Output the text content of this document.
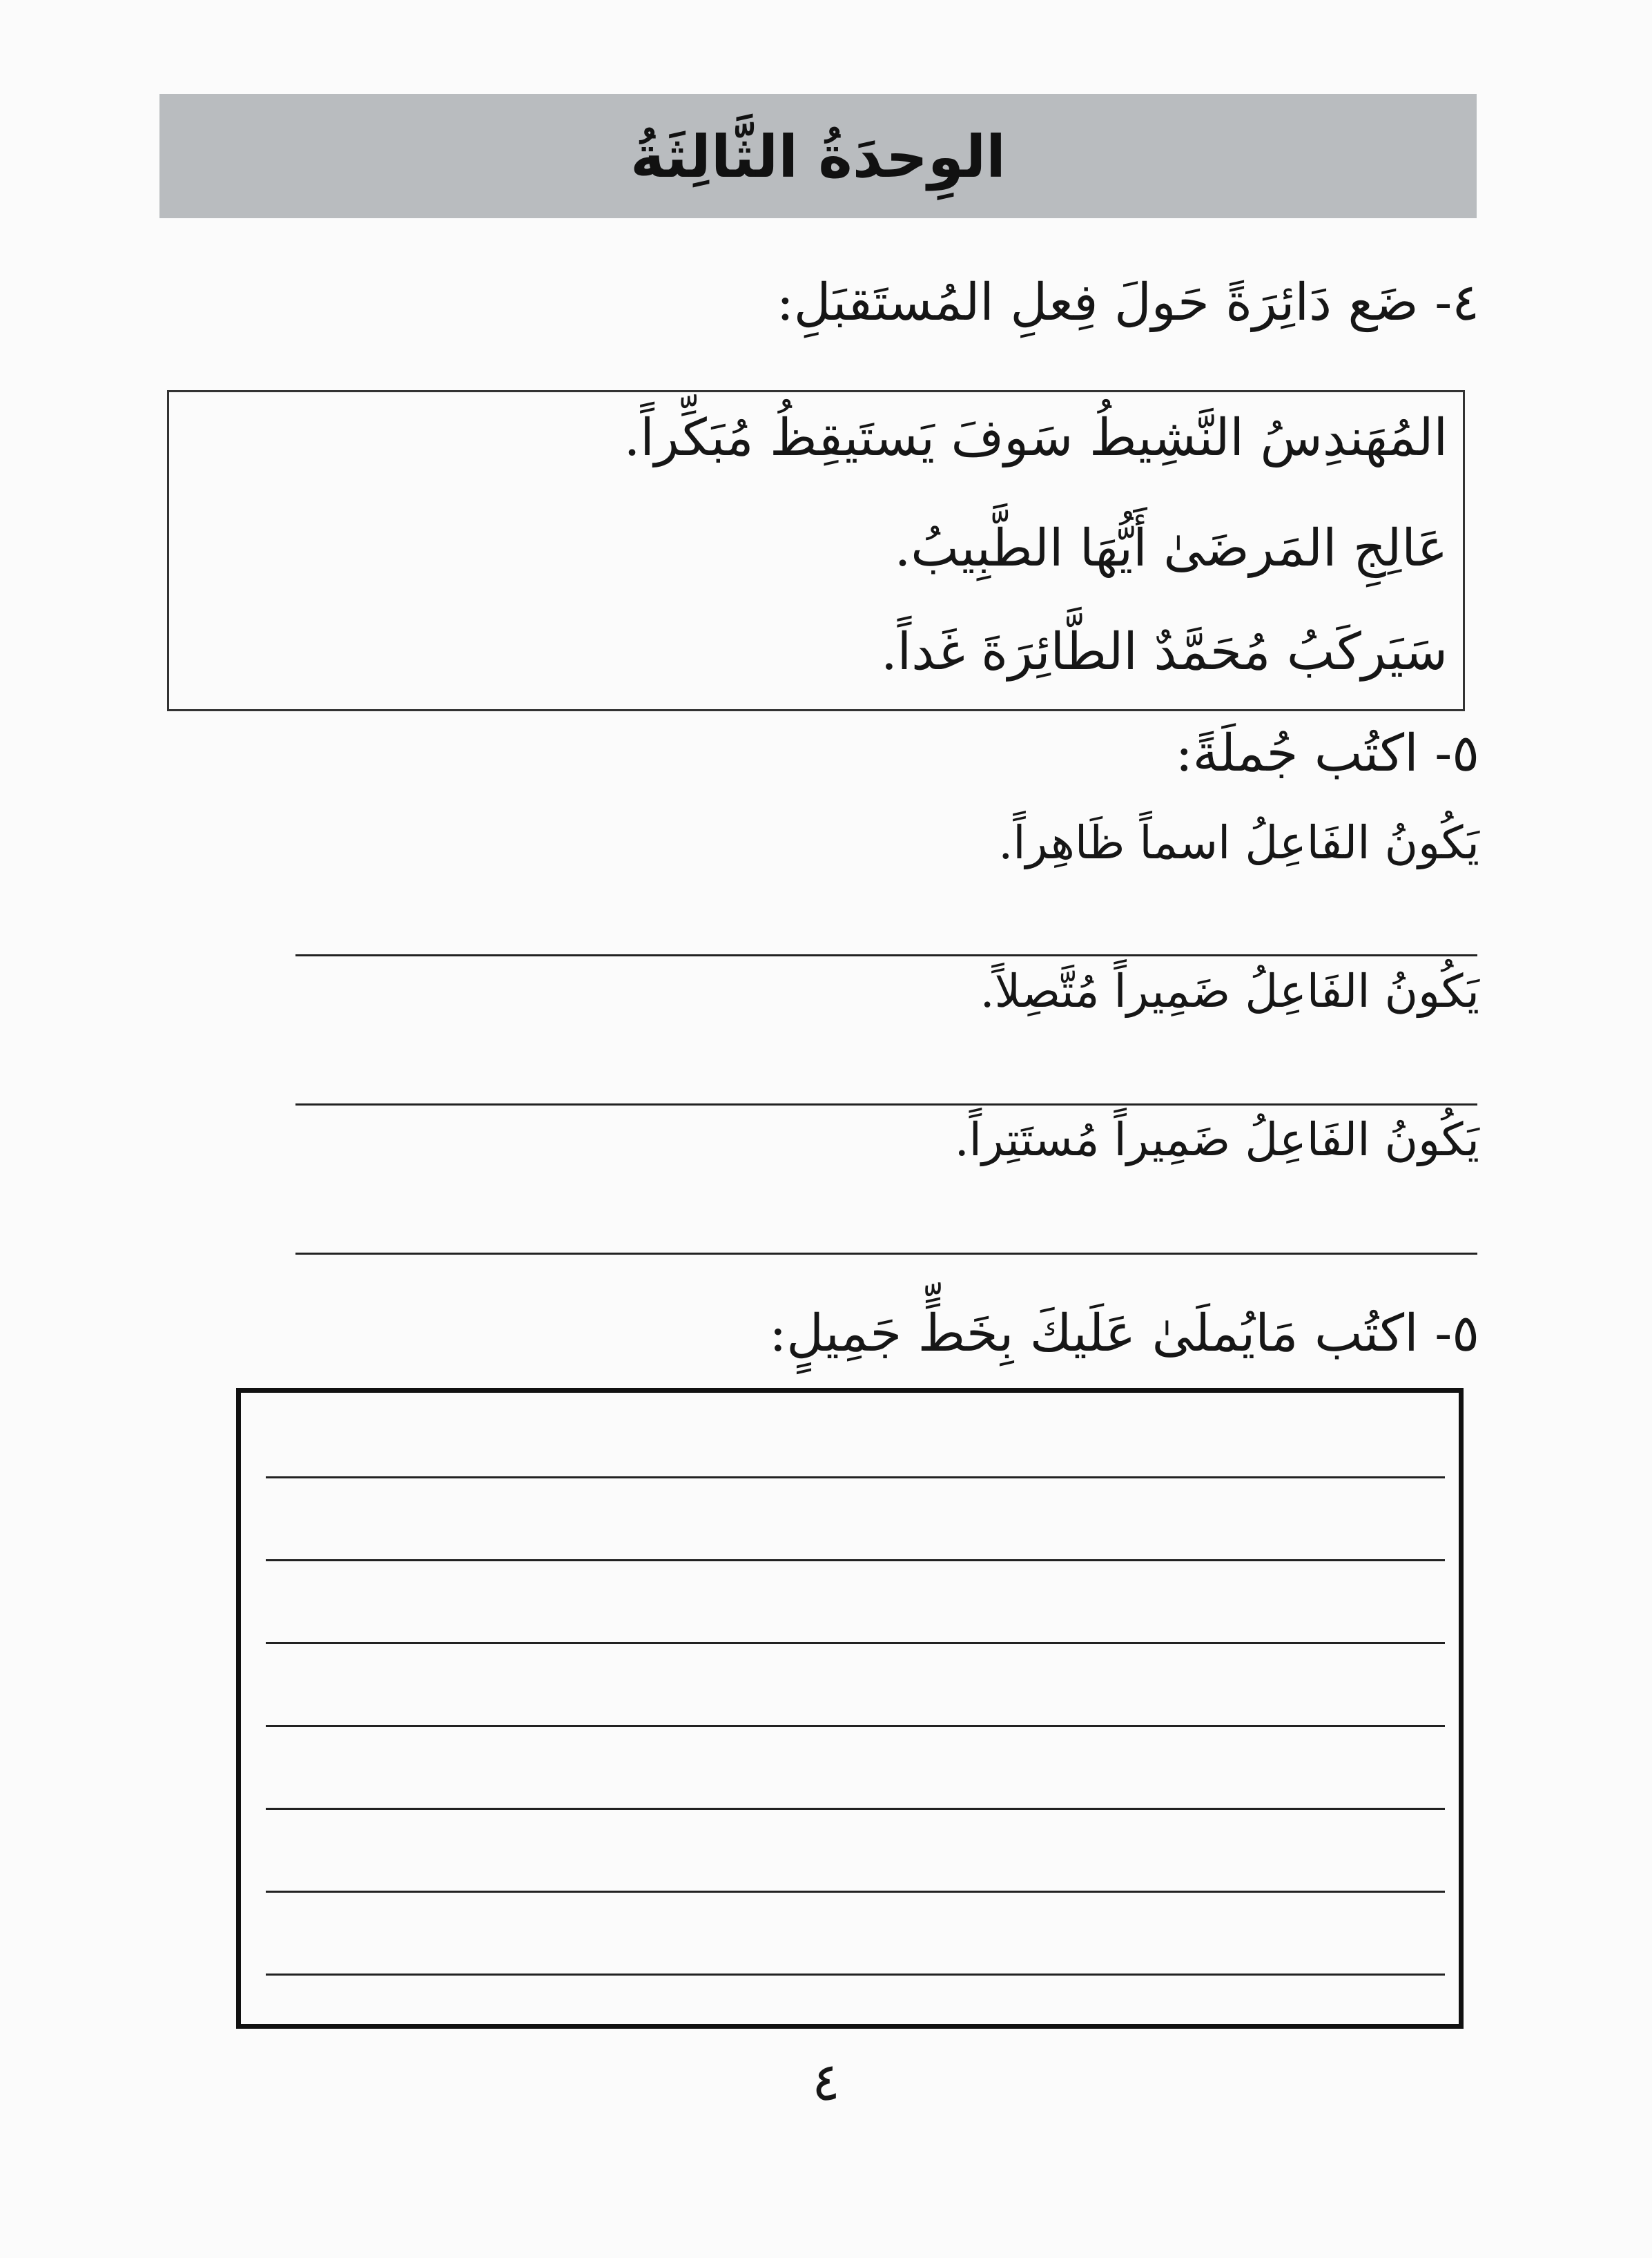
الوِحدَةُ الثَّالِثَةُ
٤- ضَع دَائِرَةً حَولَ فِعلِ المُستَقبَلِ:
المُهَندِسُ النَّشِيطُ سَوفَ يَستَيقِظُ مُبَكِّراً.
عَالِجِ المَرضَىٰ أَيُّهَا الطَّبِيبُ.
سَيَركَبُ مُحَمَّدٌ الطَّائِرَةَ غَداً.
٥- اكتُب جُملَةً:
يَكُونُ الفَاعِلُ اسماً ظَاهِراً.
يَكُونُ الفَاعِلُ ضَمِيراً مُتَّصِلاً.
يَكُونُ الفَاعِلُ ضَمِيراً مُستَتِراً.
٥- اكتُب مَايُملَىٰ عَلَيكَ بِخَطٍّ جَمِيلٍ:
٤
